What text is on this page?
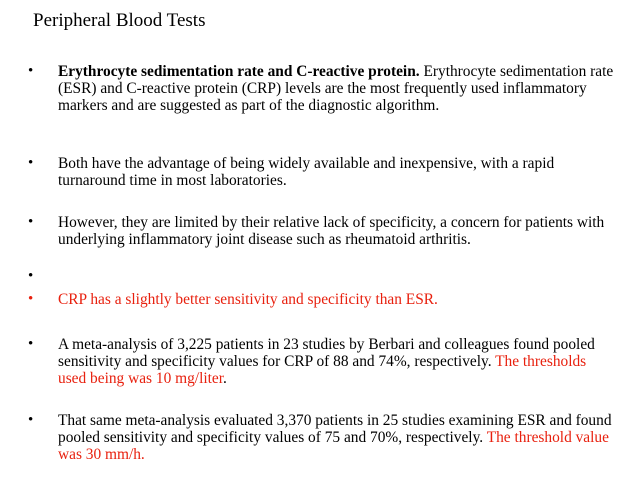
Peripheral Blood Tests
• Erythrocyte sedimentation rate and C-reactive protein. Erythrocyte sedimentation rate (ESR) and C-reactive protein (CRP) levels are the most frequently used inflammatory markers and are suggested as part of the diagnostic algorithm.
• Both have the advantage of being widely available and inexpensive, with a rapid turnaround time in most laboratories.
• However, they are limited by their relative lack of specificity, a concern for patients with underlying inflammatory joint disease such as rheumatoid arthritis.
•
• CRP has a slightly better sensitivity and specificity than ESR.
• A meta-analysis of 3,225 patients in 23 studies by Berbari and colleagues found pooled sensitivity and specificity values for CRP of 88 and 74%, respectively. The thresholds used being was 10 mg/liter.
• That same meta-analysis evaluated 3,370 patients in 25 studies examining ESR and found pooled sensitivity and specificity values of 75 and 70%, respectively. The threshold value was 30 mm/h.
